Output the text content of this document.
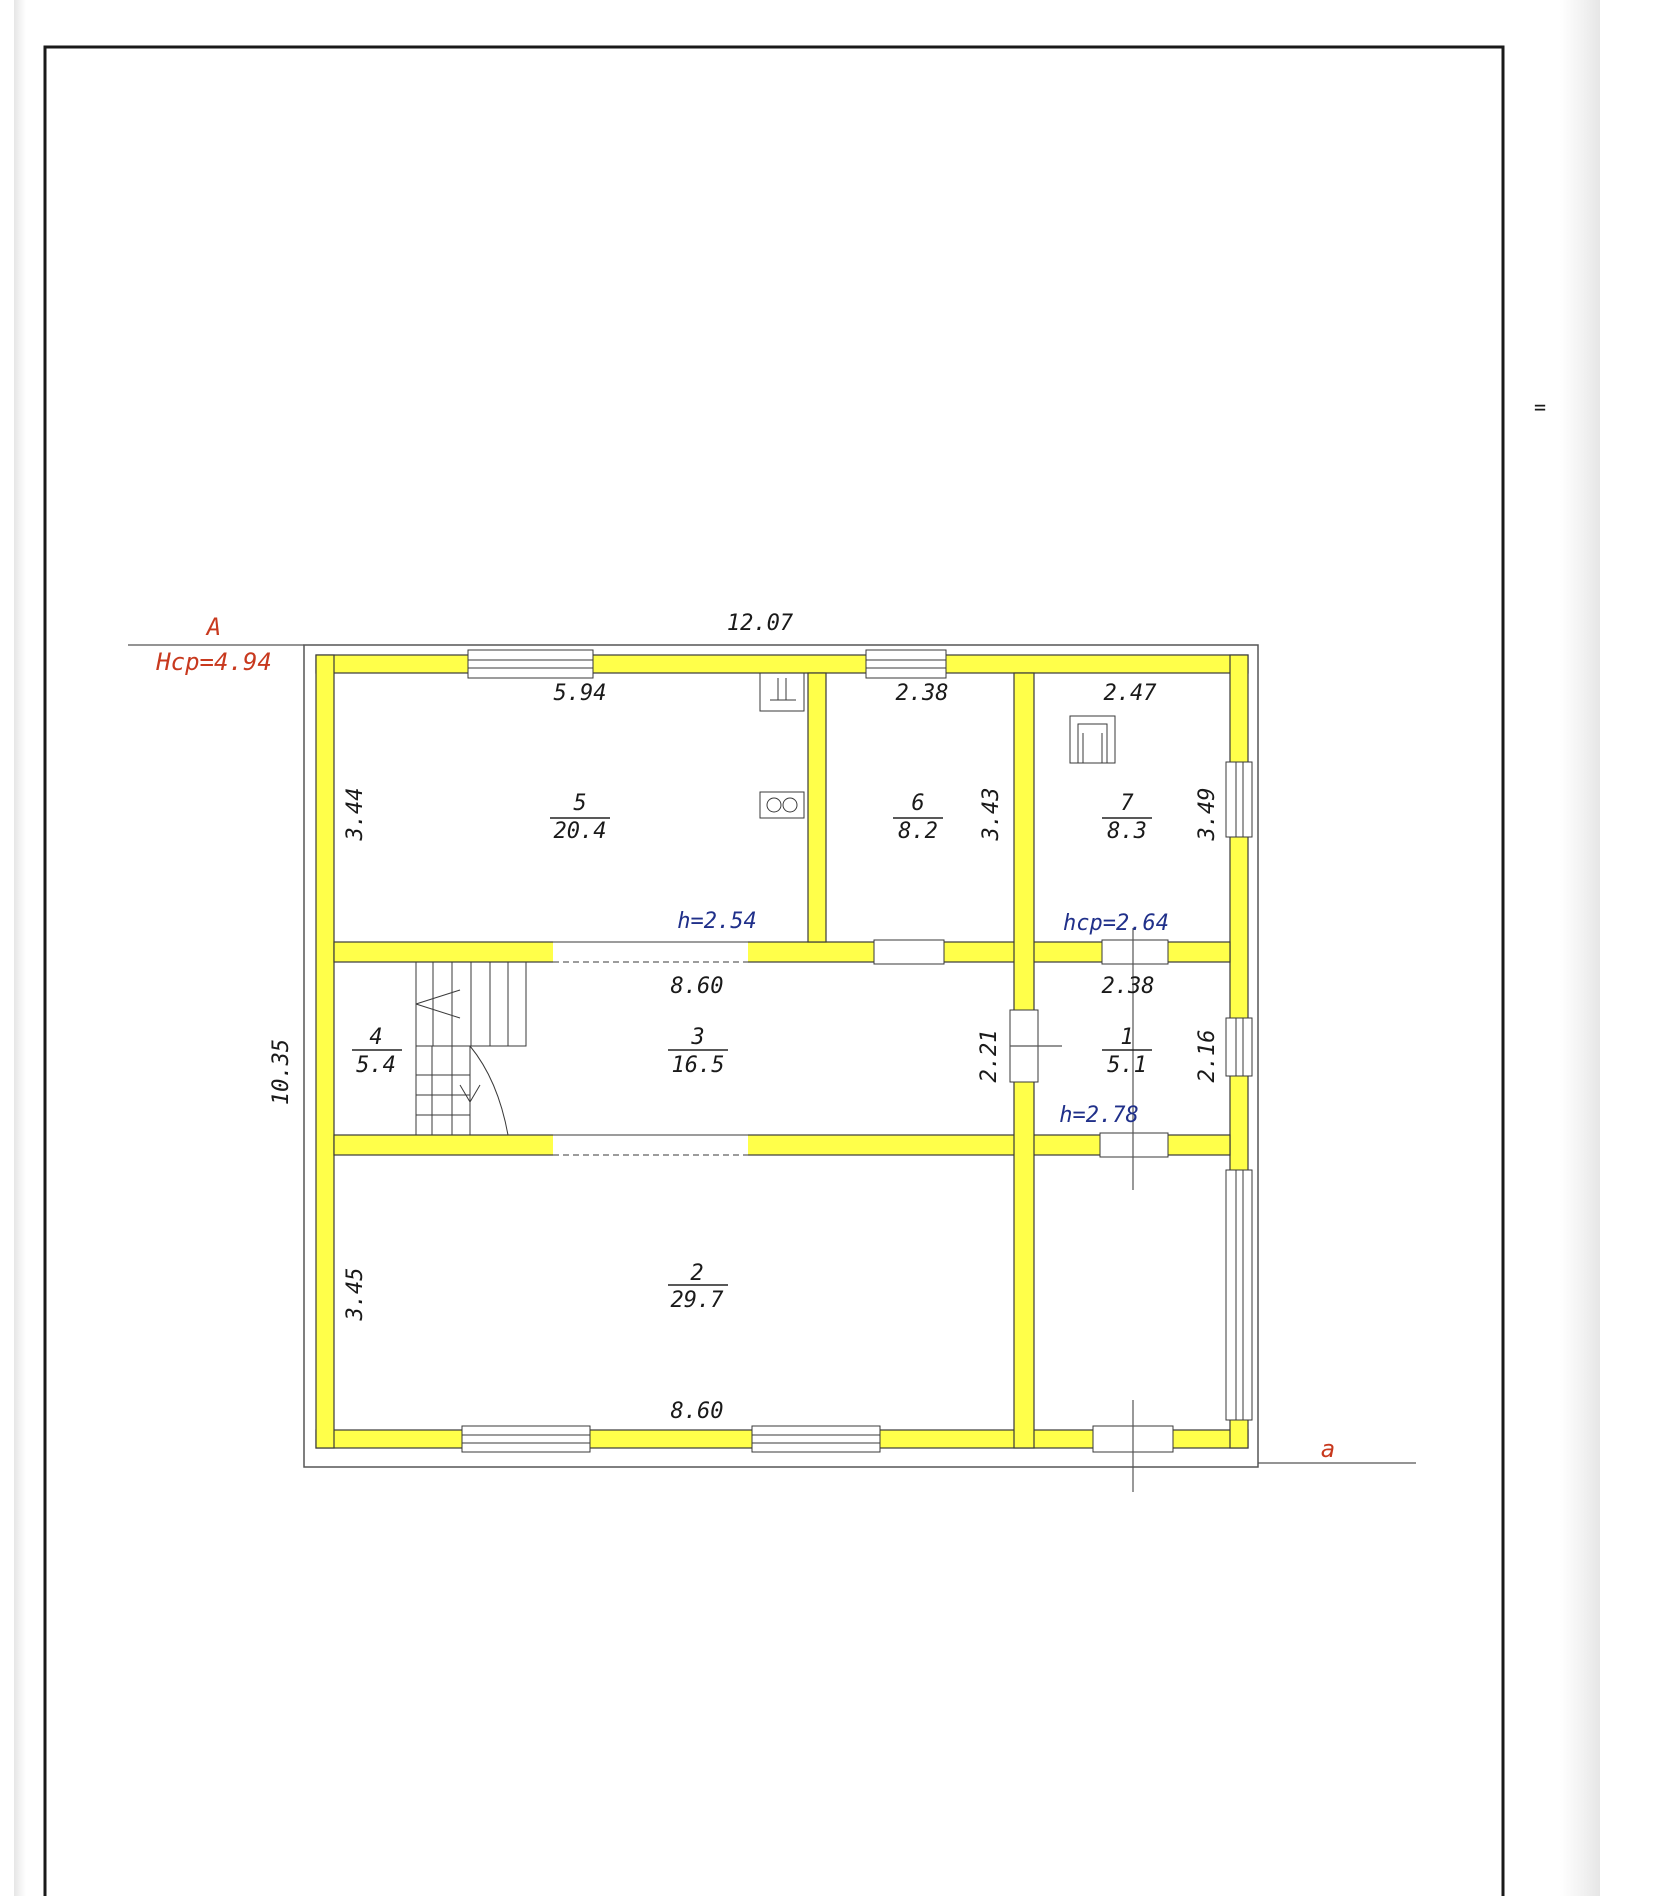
А
Нср=4.94
а
12.07
10.35
5.94
3.44	5
20.4
h=2.54
2.38
3.43
6
8.2
2.47
3.49
7
8.3
hср=2.64
8.60
2.21
3
16.5
4
5.4
2.38
2.16
1
5.1
h=2.78
3.45	2
29.7
8.60
=
